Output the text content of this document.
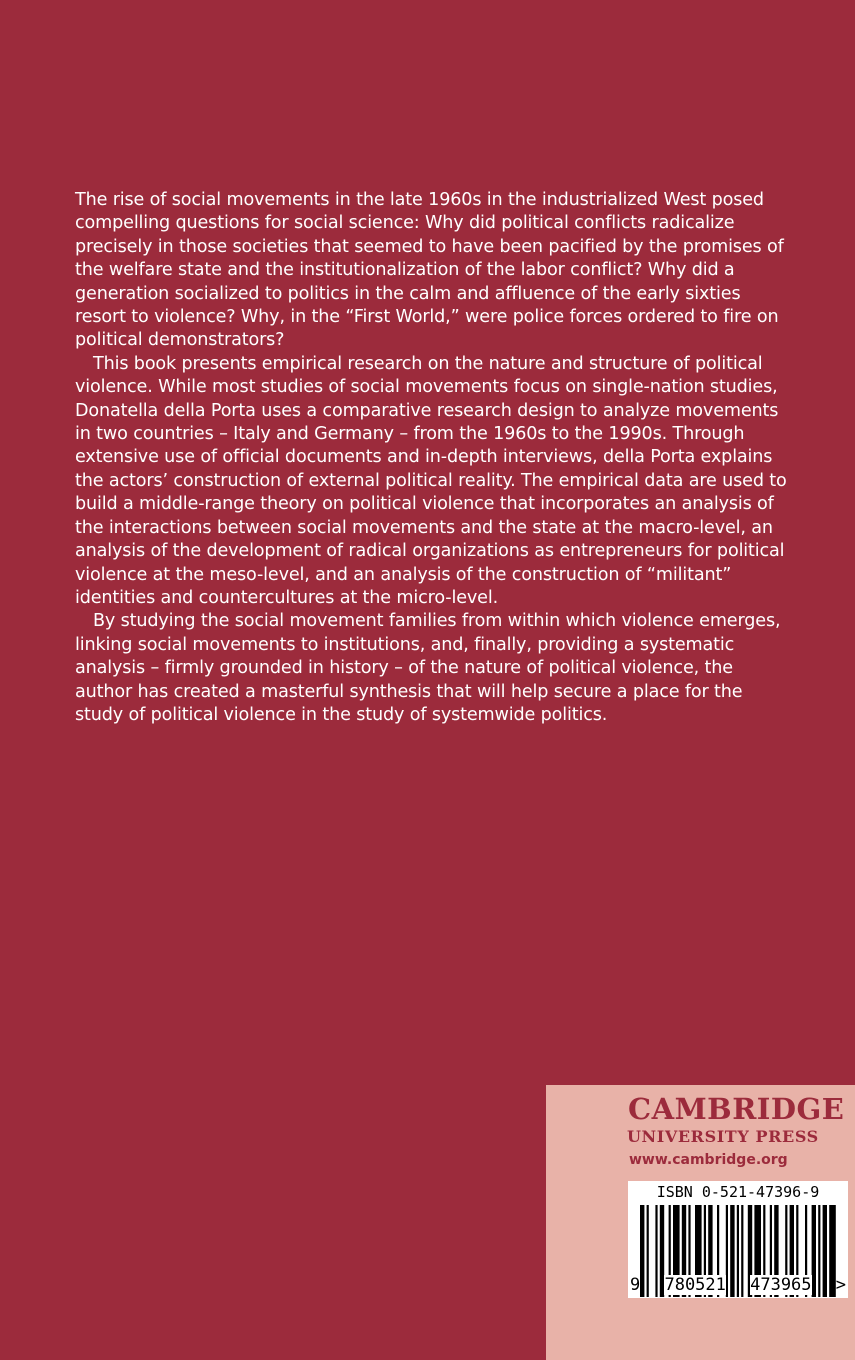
The rise of social movements in the late 1960s in the industrialized West posed compelling questions for social science: Why did political conflicts radicalize precisely in those societies that seemed to have been pacified by the promises of the welfare state and the institutionalization of the labor conflict? Why did a generation socialized to politics in the calm and affluence of the early sixties resort to violence? Why, in the “First World,” were police forces ordered to fire on political demonstrators?

This book presents empirical research on the nature and structure of political violence. While most studies of social movements focus on single-nation studies, Donatella della Porta uses a comparative research design to analyze movements in two countries – Italy and Germany – from the 1960s to the 1990s. Through extensive use of official documents and in-depth interviews, della Porta explains the actors’ construction of external political reality. The empirical data are used to build a middle-range theory on political violence that incorporates an analysis of the interactions between social movements and the state at the macro-level, an analysis of the development of radical organizations as entrepreneurs for political violence at the meso-level, and an analysis of the construction of “militant” identities and countercultures at the micro-level.

By studying the social movement families from within which violence emerges, linking social movements to institutions, and, finally, providing a systematic analysis – firmly grounded in history – of the nature of political violence, the author has created a masterful synthesis that will help secure a place for the study of political violence in the study of systemwide politics.

CAMBRIDGE
UNIVERSITY PRESS
www.cambridge.org
ISBN 0-521-47396-9
9 780521 473965 >
